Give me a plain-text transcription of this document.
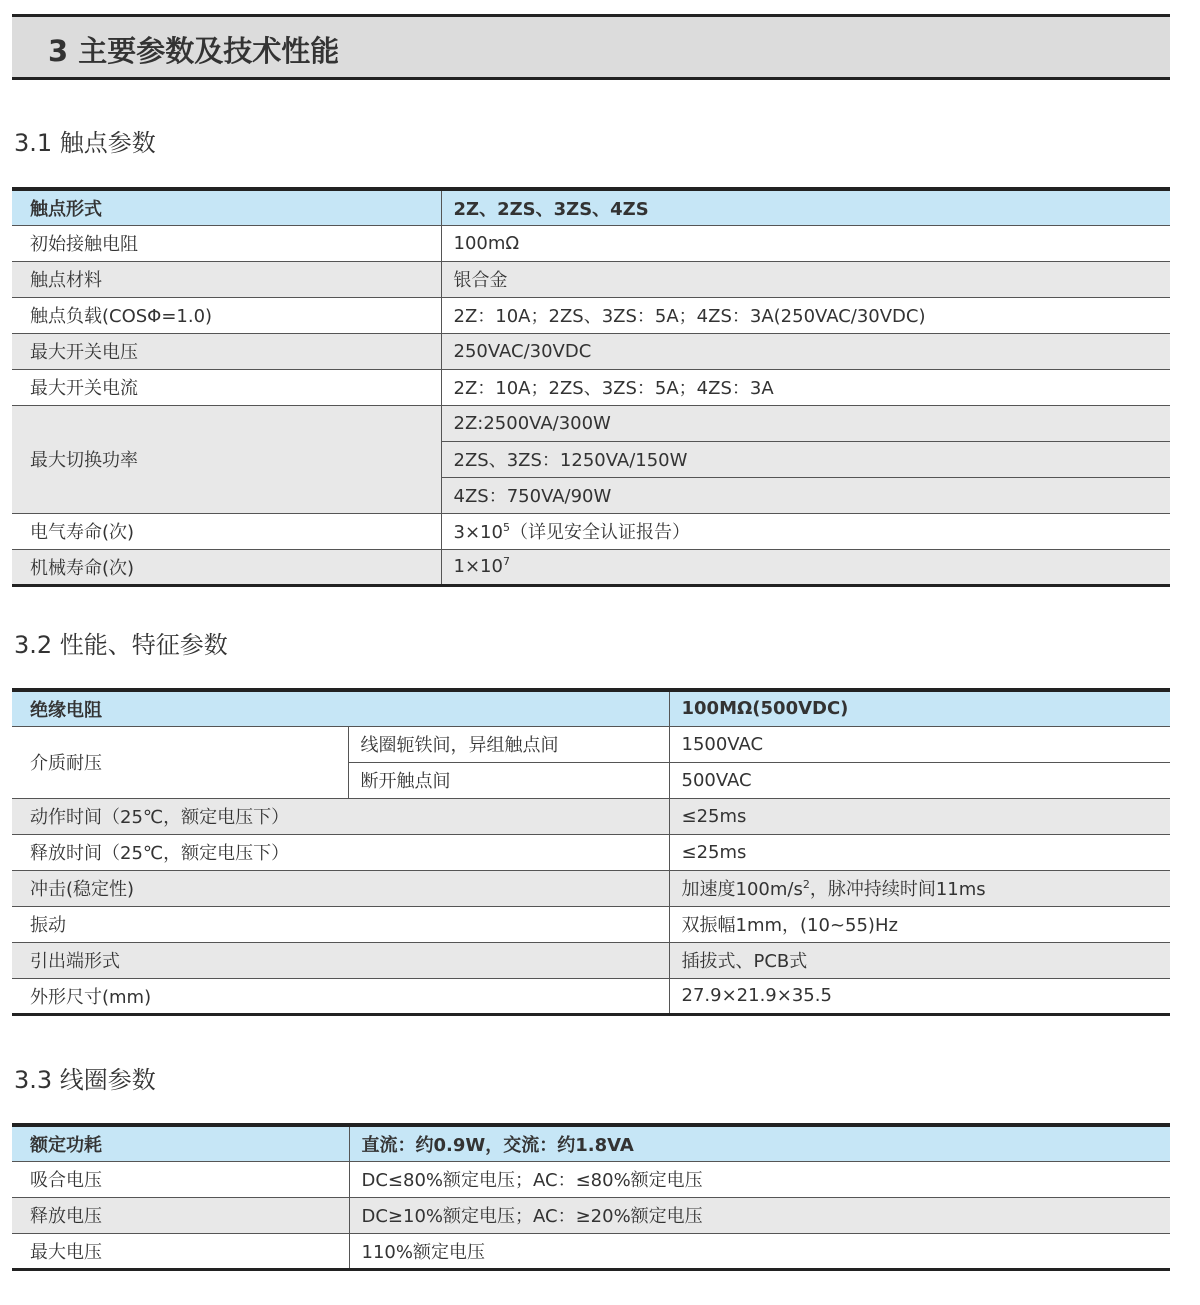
3 主要参数及技术性能
3.1 触点参数
触点形式	2Z、2ZS、3ZS、4ZS
初始接触电阻	100mΩ
触点材料	银合金
触点负载(COSΦ=1.0)	2Z：10A；2ZS、3ZS：5A；4ZS：3A(250VAC/30VDC)
最大开关电压	250VAC/30VDC
最大开关电流	2Z：10A；2ZS、3ZS：5A；4ZS：3A
最大切换功率	2Z:2500VA/300W
	2ZS、3ZS：1250VA/150W
	4ZS：750VA/90W
电气寿命(次)	$3\times 10^5$（详见安全认证报告）
机械寿命(次)	$1\times 10^7$
3.2 性能、特征参数
绝缘电阻		100MΩ(500VDC)
介质耐压	线圈轭铁间，异组触点间	1500VAC
	断开触点间	500VAC
动作时间（25℃，额定电压下）		≤25ms
释放时间（25℃，额定电压下）		≤25ms
冲击(稳定性)		加速度$100m/s^2$，脉冲持续时间11ms
振动		双振幅1mm，(10~55)Hz
引出端形式		插拔式、PCB式
外形尺寸(mm)		27.9×21.9×35.5
3.3 线圈参数
额定功耗	直流：约0.9W，交流：约1.8VA
吸合电压	DC≤80%额定电压；AC：≤80%额定电压
释放电压	DC≥10%额定电压；AC：≥20%额定电压
最大电压	110%额定电压
